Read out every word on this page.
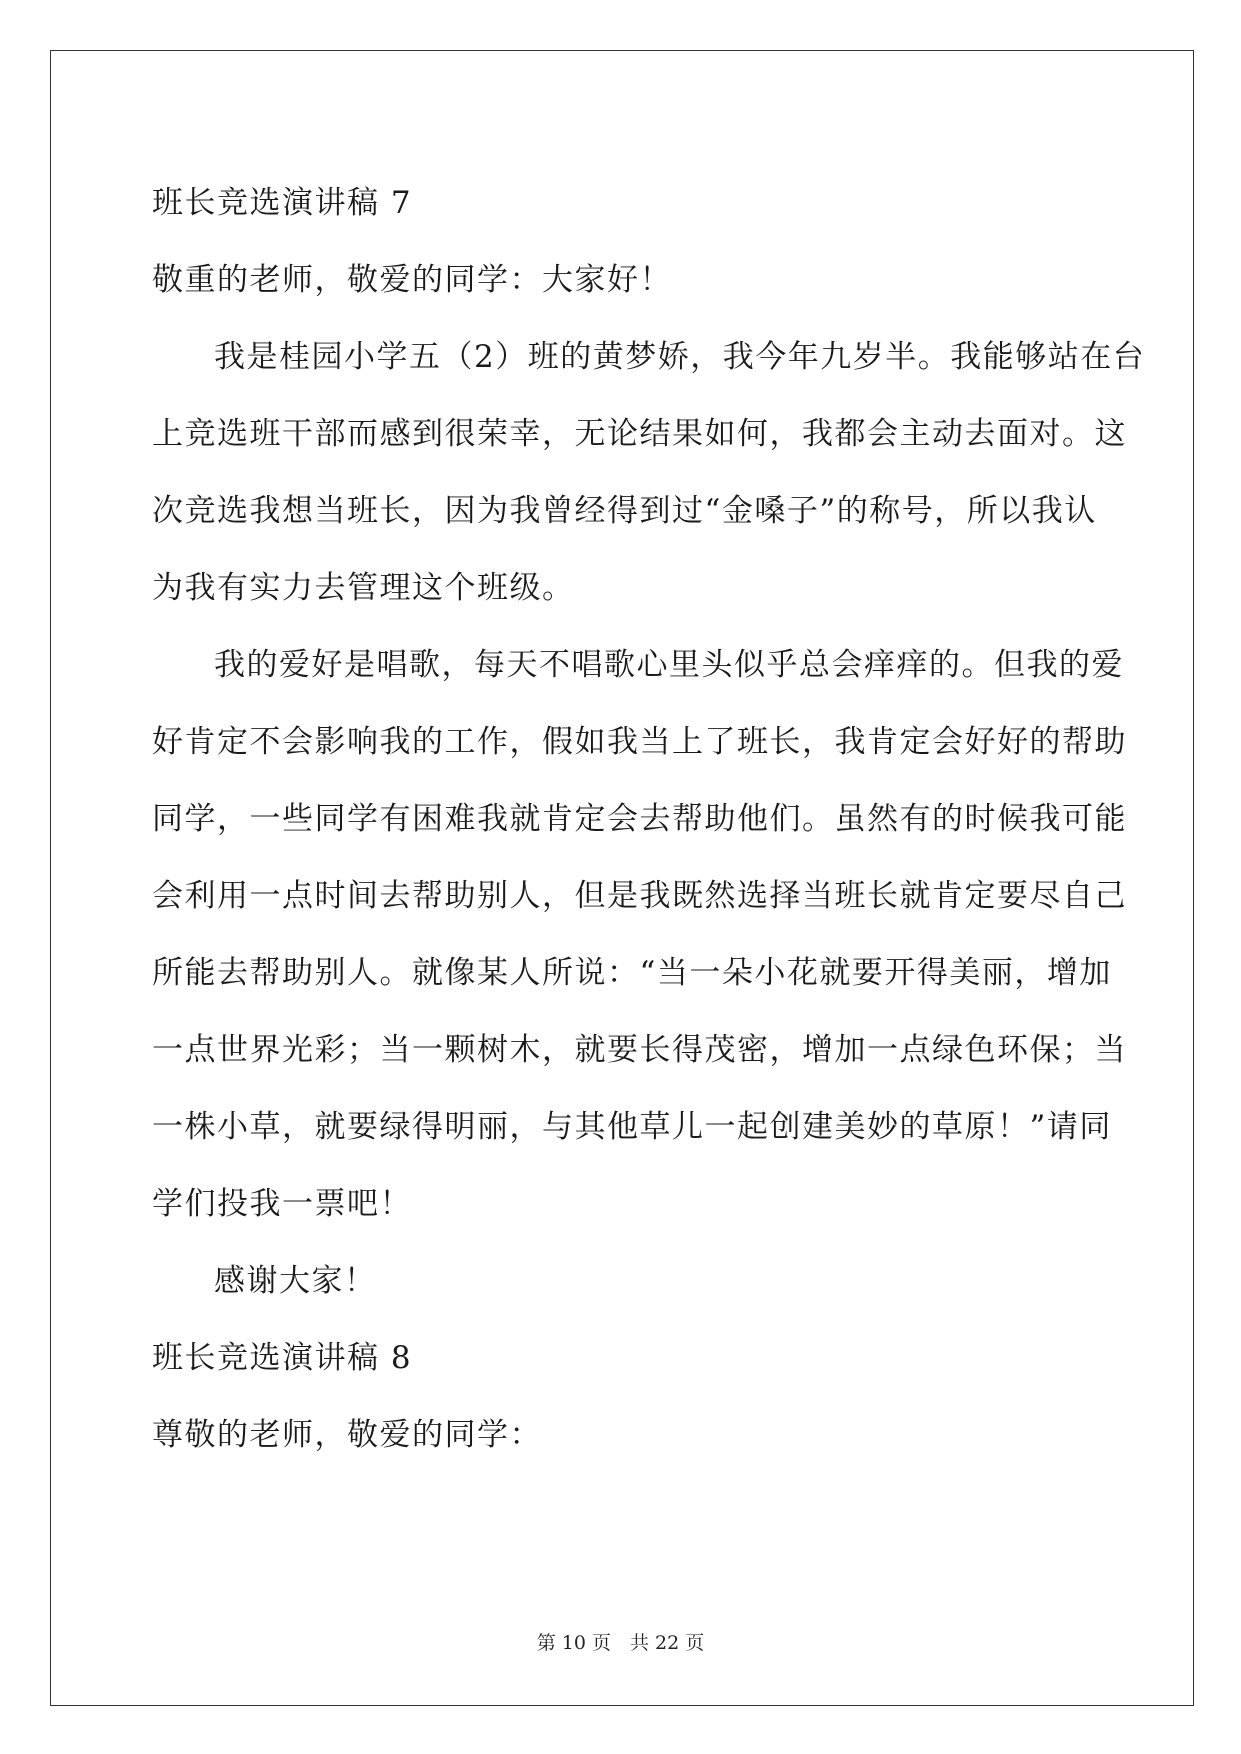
班长竞选演讲稿 7
敬重的老师，敬爱的同学：大家好！
我是桂园小学五（2）班的黄梦娇，我今年九岁半。我能够站在台
上竞选班干部而感到很荣幸，无论结果如何，我都会主动去面对。这
次竞选我想当班长，因为我曾经得到过“金嗓子”的称号，所以我认
为我有实力去管理这个班级。
我的爱好是唱歌，每天不唱歌心里头似乎总会痒痒的。但我的爱
好肯定不会影响我的工作，假如我当上了班长，我肯定会好好的帮助
同学，一些同学有困难我就肯定会去帮助他们。虽然有的时候我可能
会利用一点时间去帮助别人，但是我既然选择当班长就肯定要尽自己
所能去帮助别人。就像某人所说：“当一朵小花就要开得美丽，增加
一点世界光彩；当一颗树木，就要长得茂密，增加一点绿色环保；当
一株小草，就要绿得明丽，与其他草儿一起创建美妙的草原！”请同
学们投我一票吧！
感谢大家！
班长竞选演讲稿 8
尊敬的老师，敬爱的同学：
第 10 页　共 22 页
